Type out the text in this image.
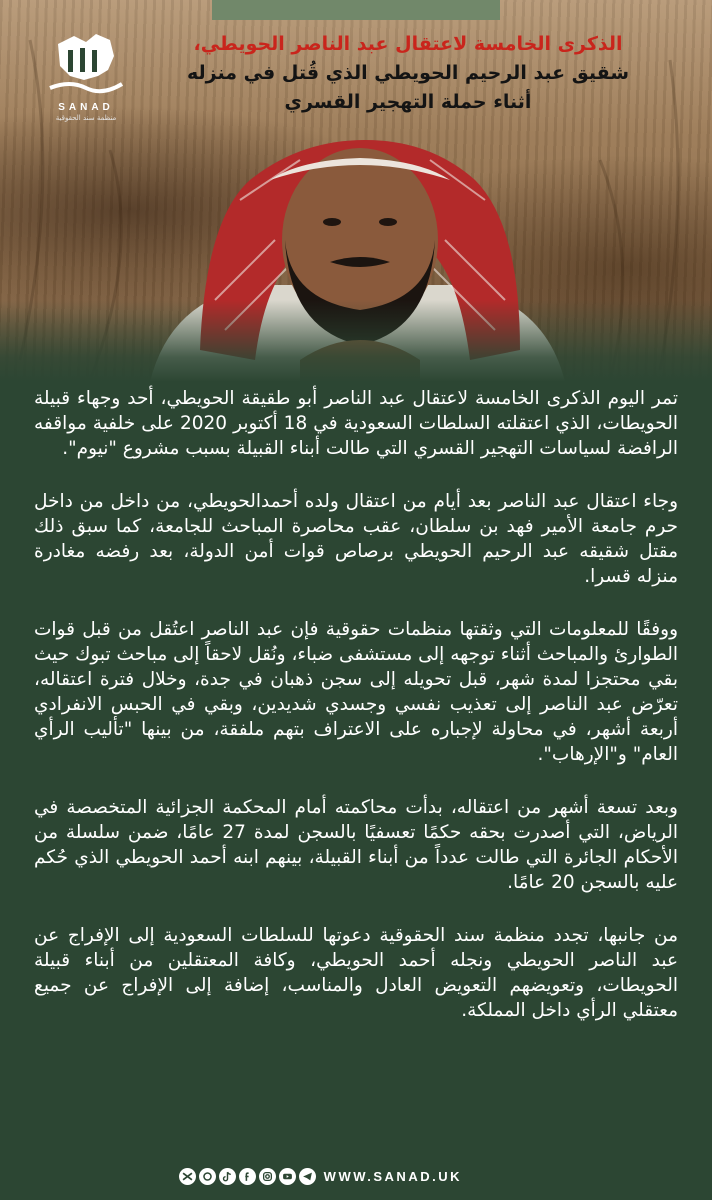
SANAD
منظمة سند الحقوقية
الذكرى الخامسة لاعتقال عبد الناصر الحويطي،
شقيق عبد الرحيم الحويطي الذي قُتل في منزله
أثناء حملة التهجير القسري

تمر اليوم الذكرى الخامسة لاعتقال عبد الناصر أبو طقيقة الحويطي، أحد وجهاء قبيلة الحويطات، الذي اعتقلته السلطات السعودية في 18 أكتوبر 2020 على خلفية مواقفه الرافضة لسياسات التهجير القسري التي طالت أبناء القبيلة بسبب مشروع "نيوم".

وجاء اعتقال عبد الناصر بعد أيام من اعتقال ولده أحمدالحويطي، من داخل من داخل حرم جامعة الأمير فهد بن سلطان، عقب محاصرة المباحث للجامعة، كما سبق ذلك مقتل شقيقه عبد الرحيم الحويطي برصاص قوات أمن الدولة، بعد رفضه مغادرة منزله قسرا.

ووفقًا للمعلومات التي وثقتها منظمات حقوقية فإن عبد الناصر اعتُقل من قبل قوات الطوارئ والمباحث أثناء توجهه إلى مستشفى ضباء، ونُقل لاحقاً إلى مباحث تبوك حيث بقي محتجزا لمدة شهر، قبل تحويله إلى سجن ذهبان في جدة، وخلال فترة اعتقاله، تعرّض عبد الناصر إلى تعذيب نفسي وجسدي شديدين، وبقي في الحبس الانفرادي أربعة أشهر، في محاولة لإجباره على الاعتراف بتهم ملفقة، من بينها "تأليب الرأي العام" و"الإرهاب".

وبعد تسعة أشهر من اعتقاله، بدأت محاكمته أمام المحكمة الجزائية المتخصصة في الرياض، التي أصدرت بحقه حكمًا تعسفيًا بالسجن لمدة 27 عامًا، ضمن سلسلة من الأحكام الجائرة التي طالت عدداً من أبناء القبيلة، بينهم ابنه أحمد الحويطي الذي حُكم عليه بالسجن 20 عامًا.

من جانبها، تجدد منظمة سند الحقوقية دعوتها للسلطات السعودية إلى الإفراج عن عبد الناصر الحويطي ونجله أحمد الحويطي، وكافة المعتقلين من أبناء قبيلة الحويطات، وتعويضهم التعويض العادل والمناسب، إضافة إلى الإفراج عن جميع معتقلي الرأي داخل المملكة.

WWW.SANAD.UK
